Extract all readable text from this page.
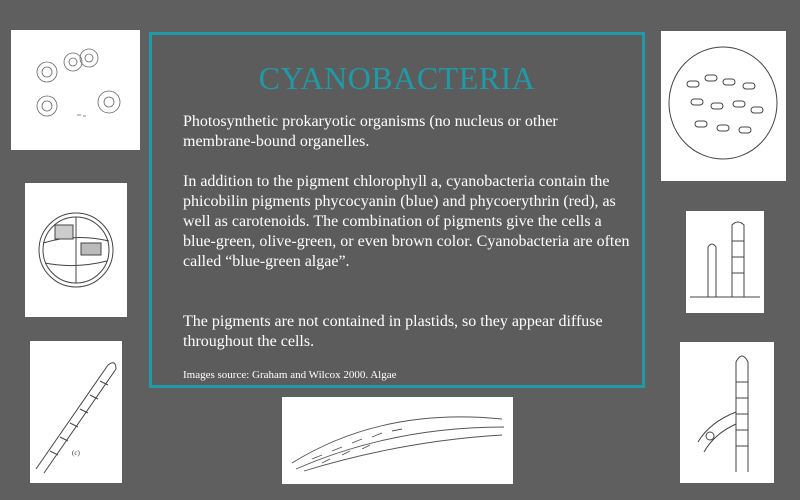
(c)
CYANOBACTERIA

Photosynthetic prokaryotic organisms (no nucleus or other membrane-bound organelles.

In addition to the pigment chlorophyll a, cyanobacteria contain the phicobilin pigments phycocyanin (blue) and phycoerythrin (red), as well as carotenoids. The combination of pigments give the cells a blue-green, olive-green, or even brown color. Cyanobacteria are often called “blue-green algae”.

The pigments are not contained in plastids, so they appear diffuse throughout the cells.

Images source: Graham and Wilcox 2000. Algae
